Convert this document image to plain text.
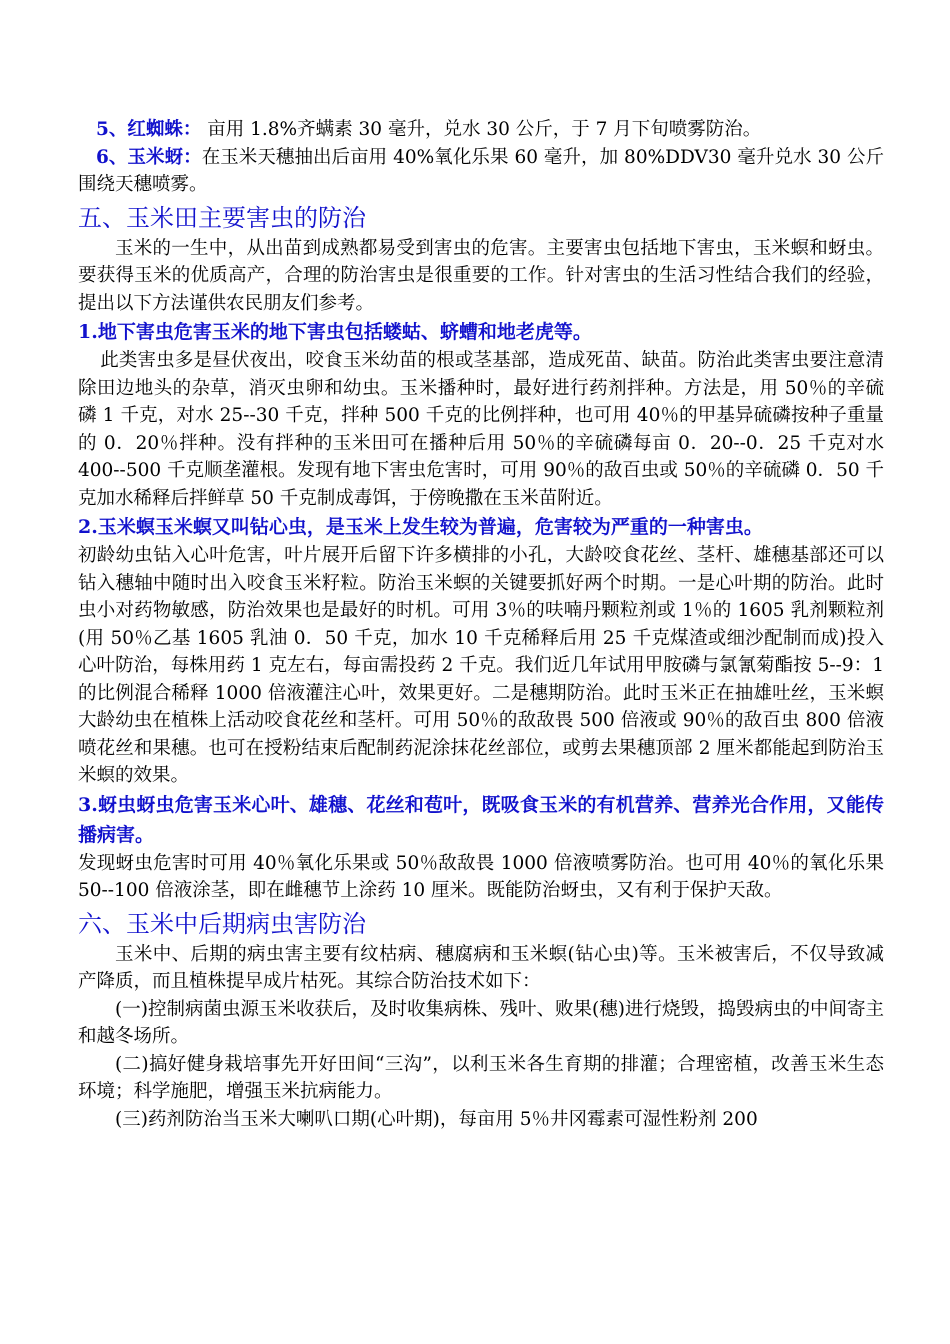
5、红蜘蛛： 亩用 1.8%齐螨素 30 毫升，兑水 30 公斤，于 7 月下旬喷雾防治。

6、玉米蚜：在玉米天穗抽出后亩用 40%氧化乐果 60 毫升，加 80%DDV30 毫升兑水 30 公斤围绕天穗喷雾。

五、玉米田主要害虫的防治

玉米的一生中，从出苗到成熟都易受到害虫的危害。主要害虫包括地下害虫，玉米螟和蚜虫。要获得玉米的优质高产，合理的防治害虫是很重要的工作。针对害虫的生活习性结合我们的经验，提出以下方法谨供农民朋友们参考。

1.地下害虫危害玉米的地下害虫包括蝼蛄、蛴螬和地老虎等。

此类害虫多是昼伏夜出，咬食玉米幼苗的根或茎基部，造成死苗、缺苗。防治此类害虫要注意清除田边地头的杂草，消灭虫卵和幼虫。玉米播种时，最好进行药剂拌种。方法是，用 50％的辛硫磷 1 千克，对水 25--30 千克，拌种 500 千克的比例拌种，也可用 40％的甲基异硫磷按种子重量的 0．20％拌种。没有拌种的玉米田可在播种后用 50％的辛硫磷每亩 0．20--0．25 千克对水 400--500 千克顺垄灌根。发现有地下害虫危害时，可用 90％的敌百虫或 50％的辛硫磷 0．50 千克加水稀释后拌鲜草 50 千克制成毒饵，于傍晚撒在玉米苗附近。

2.玉米螟玉米螟又叫钻心虫，是玉米上发生较为普遍，危害较为严重的一种害虫。

初龄幼虫钻入心叶危害，叶片展开后留下许多横排的小孔，大龄咬食花丝、茎杆、雄穗基部还可以钻入穗轴中随时出入咬食玉米籽粒。防治玉米螟的关键要抓好两个时期。一是心叶期的防治。此时虫小对药物敏感，防治效果也是最好的时机。可用 3％的呋喃丹颗粒剂或 1％的 1605 乳剂颗粒剂(用 50％乙基 1605 乳油 0．50 千克，加水 10 千克稀释后用 25 千克煤渣或细沙配制而成)投入心叶防治，每株用药 1 克左右，每亩需投药 2 千克。我们近几年试用甲胺磷与氯氰菊酯按 5--9：1 的比例混合稀释 1000 倍液灌注心叶，效果更好。二是穗期防治。此时玉米正在抽雄吐丝，玉米螟大龄幼虫在植株上活动咬食花丝和茎杆。可用 50％的敌敌畏 500 倍液或 90％的敌百虫 800 倍液喷花丝和果穗。也可在授粉结束后配制药泥涂抹花丝部位，或剪去果穗顶部 2 厘米都能起到防治玉米螟的效果。

3.蚜虫蚜虫危害玉米心叶、雄穗、花丝和苞叶，既吸食玉米的有机营养、营养光合作用，又能传播病害。

发现蚜虫危害时可用 40％氧化乐果或 50％敌敌畏 1000 倍液喷雾防治。也可用 40％的氧化乐果 50--100 倍液涂茎，即在雌穗节上涂药 10 厘米。既能防治蚜虫，又有利于保护天敌。

六、玉米中后期病虫害防治

玉米中、后期的病虫害主要有纹枯病、穗腐病和玉米螟(钻心虫)等。玉米被害后，不仅导致减产降质，而且植株提早成片枯死。其综合防治技术如下：

(一)控制病菌虫源玉米收获后，及时收集病株、残叶、败果(穗)进行烧毁，捣毁病虫的中间寄主和越冬场所。

(二)搞好健身栽培事先开好田间“三沟”，以利玉米各生育期的排灌；合理密植，改善玉米生态环境；科学施肥，增强玉米抗病能力。

(三)药剂防治当玉米大喇叭口期(心叶期)，每亩用 5％井冈霉素可湿性粉剂 200
